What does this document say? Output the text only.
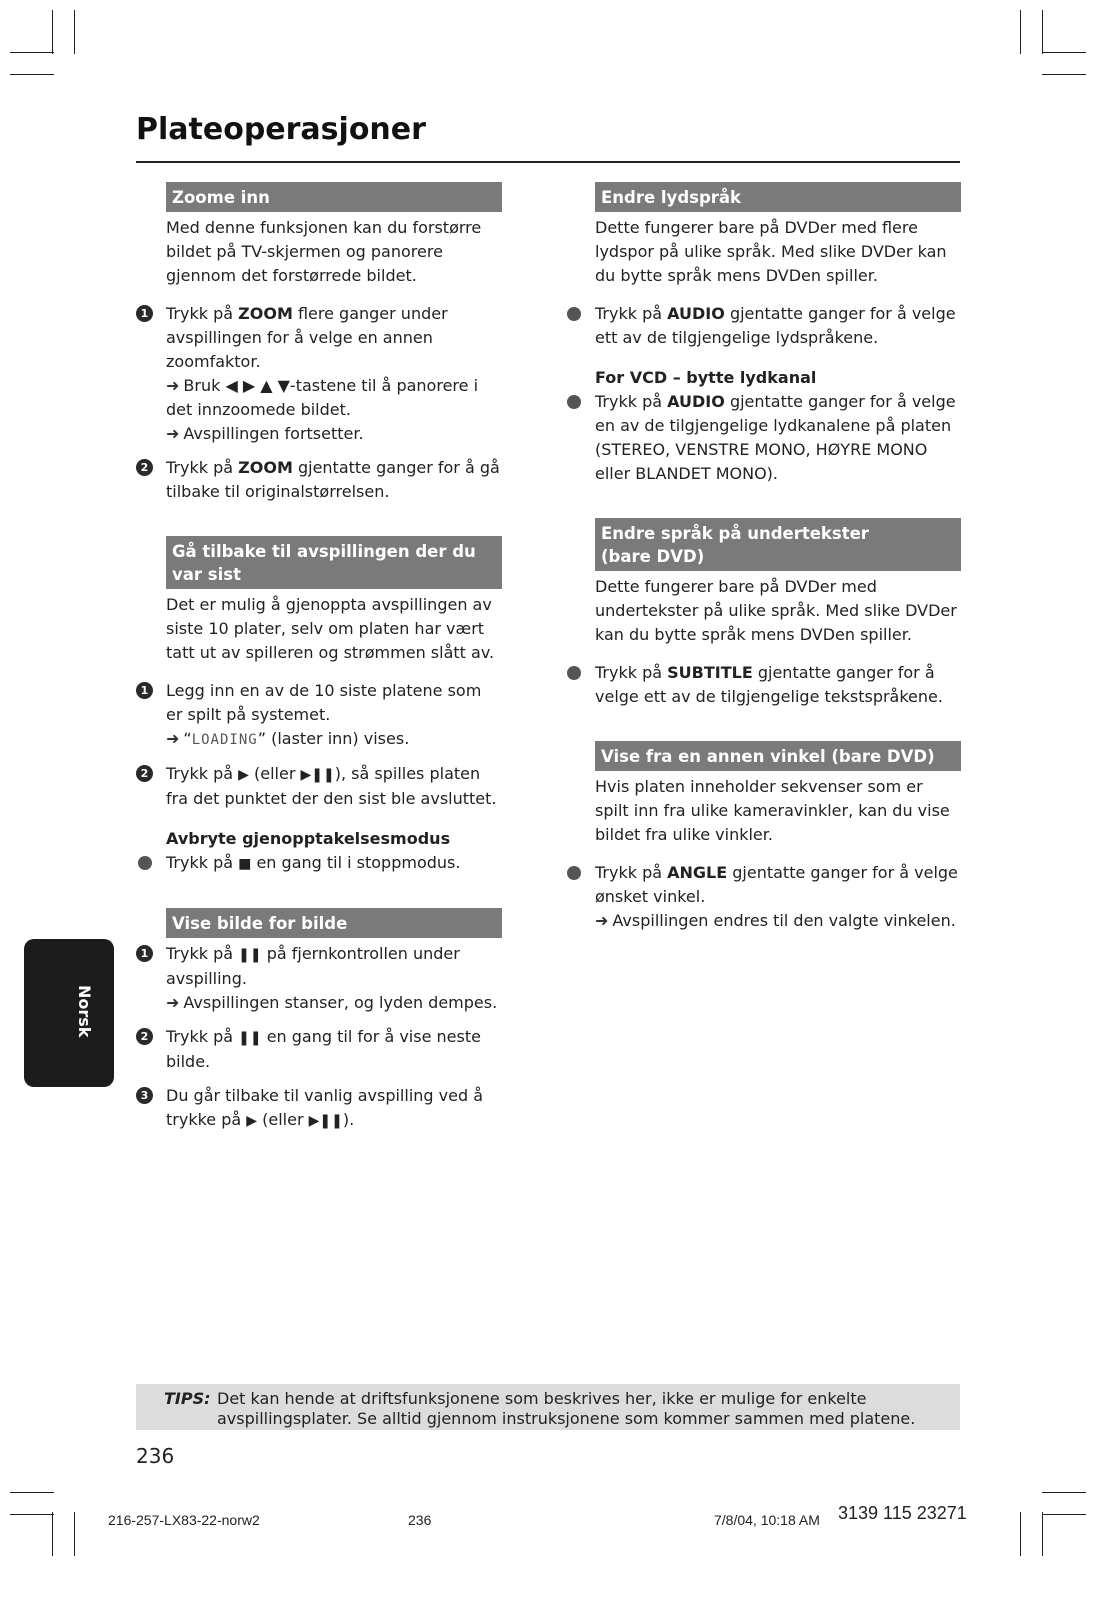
Plateoperasjoner
Zoome inn

Med denne funksjonen kan du forstørre bildet på TV-skjermen og panorere gjennom det forstørrede bildet.

1 Trykk på ZOOM flere ganger under avspillingen for å velge en annen zoomfaktor.
➜ Bruk ◀ ▶ ▲ ▼-tastene til å panorere i det innzoomede bildet.
➜ Avspillingen fortsetter.
2 Trykk på ZOOM gjentatte ganger for å gå tilbake til originalstørrelsen.
Gå tilbake til avspillingen der du var sist

Det er mulig å gjenoppta avspillingen av siste 10 plater, selv om platen har vært tatt ut av spilleren og strømmen slått av.

1 Legg inn en av de 10 siste platene som er spilt på systemet.
➜ “LOADING” (laster inn) vises.
2 Trykk på ▶ (eller ▶❚❚), så spilles platen fra det punktet der den sist ble avsluttet.
Avbryte gjenopptakelsesmodus
Trykk på ■ en gang til i stoppmodus.
Vise bilde for bilde
1 Trykk på ❚❚ på fjernkontrollen under avspilling.
➜ Avspillingen stanser, og lyden dempes.
2 Trykk på ❚❚ en gang til for å vise neste bilde.
3 Du går tilbake til vanlig avspilling ved å trykke på ▶ (eller ▶❚❚).
Endre lydspråk

Dette fungerer bare på DVDer med flere lydspor på ulike språk. Med slike DVDer kan du bytte språk mens DVDen spiller.

Trykk på AUDIO gjentatte ganger for å velge ett av de tilgjengelige lydspråkene.
For VCD – bytte lydkanal
Trykk på AUDIO gjentatte ganger for å velge en av de tilgjengelige lydkanalene på platen (STEREO, VENSTRE MONO, HØYRE MONO eller BLANDET MONO).
Endre språk på undertekster
(bare DVD)

Dette fungerer bare på DVDer med undertekster på ulike språk. Med slike DVDer kan du bytte språk mens DVDen spiller.

Trykk på SUBTITLE gjentatte ganger for å velge ett av de tilgjengelige tekstspråkene.
Vise fra en annen vinkel (bare DVD)

Hvis platen inneholder sekvenser som er spilt inn fra ulike kameravinkler, kan du vise bildet fra ulike vinkler.

Trykk på ANGLE gjentatte ganger for å velge ønsket vinkel.
➜ Avspillingen endres til den valgte vinkelen.
Norsk
TIPS: Det kan hende at driftsfunksjonene som beskrives her, ikke er mulige for enkelte avspillingsplater. Se alltid gjennom instruksjonene som kommer sammen med platene.
236
216-257-LX83-22-norw2	236	7/8/04, 10:18 AM 3139 115 23271
